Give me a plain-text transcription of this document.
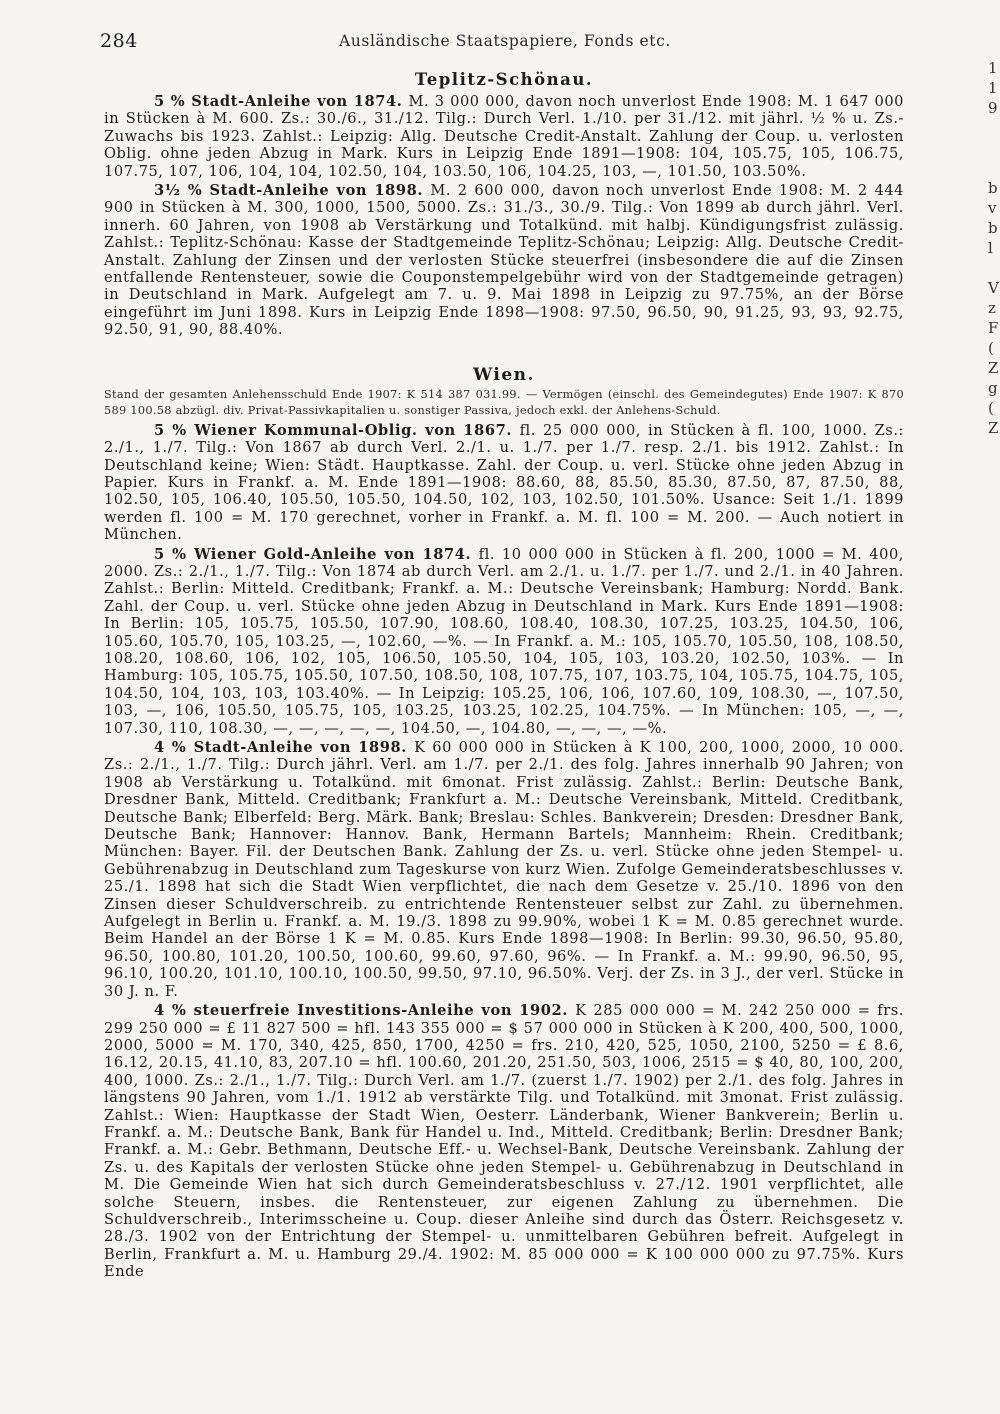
284	Ausländische Staatspapiere, Fonds etc.
1
1
9
b
v
b
l
V
z
F
(
Z
g
(
Z
Teplitz-Schönau.

5 % Stadt-Anleihe von 1874. M. 3 000 000, davon noch unverlost Ende 1908: M. 1 647 000 in Stücken à M. 600. Zs.: 30./6., 31./12. Tilg.: Durch Verl. 1./10. per 31./12. mit jährl. ½ % u. Zs.-Zuwachs bis 1923. Zahlst.: Leipzig: Allg. Deutsche Credit-Anstalt. Zahlung der Coup. u. verlosten Oblig. ohne jeden Abzug in Mark. Kurs in Leipzig Ende 1891—1908: 104, 105.75, 105, 106.75, 107.75, 107, 106, 104, 104, 102.50, 104, 103.50, 106, 104.25, 103, —, 101.50, 103.50%.

3½ % Stadt-Anleihe von 1898. M. 2 600 000, davon noch unverlost Ende 1908: M. 2 444 900 in Stücken à M. 300, 1000, 1500, 5000. Zs.: 31./3., 30./9. Tilg.: Von 1899 ab durch jährl. Verl. innerh. 60 Jahren, von 1908 ab Verstärkung und Totalkünd. mit halbj. Kündigungsfrist zulässig. Zahlst.: Teplitz-Schönau: Kasse der Stadtgemeinde Teplitz-Schönau; Leipzig: Allg. Deutsche Credit-Anstalt. Zahlung der Zinsen und der verlosten Stücke steuerfrei (insbesondere die auf die Zinsen entfallende Rentensteuer, sowie die Couponstempelgebühr wird von der Stadtgemeinde getragen) in Deutschland in Mark. Aufgelegt am 7. u. 9. Mai 1898 in Leipzig zu 97.75%, an der Börse eingeführt im Juni 1898. Kurs in Leipzig Ende 1898—1908: 97.50, 96.50, 90, 91.25, 93, 93, 92.75, 92.50, 91, 90, 88.40%.

Wien.

Stand der gesamten Anlehensschuld Ende 1907: K 514 387 031.99. — Vermögen (einschl. des Gemeindegutes) Ende 1907: K 870 589 100.58 abzügl. div. Privat-Passivkapitalien u. sonstiger Passiva, jedoch exkl. der Anlehens-Schuld.

5 % Wiener Kommunal-Oblig. von 1867. fl. 25 000 000, in Stücken à fl. 100, 1000. Zs.: 2./1., 1./7. Tilg.: Von 1867 ab durch Verl. 2./1. u. 1./7. per 1./7. resp. 2./1. bis 1912. Zahlst.: In Deutschland keine; Wien: Städt. Hauptkasse. Zahl. der Coup. u. verl. Stücke ohne jeden Abzug in Papier. Kurs in Frankf. a. M. Ende 1891—1908: 88.60, 88, 85.50, 85.30, 87.50, 87, 87.50, 88, 102.50, 105, 106.40, 105.50, 105.50, 104.50, 102, 103, 102.50, 101.50%. Usance: Seit 1./1. 1899 werden fl. 100 = M. 170 gerechnet, vorher in Frankf. a. M. fl. 100 = M. 200. — Auch notiert in München.

5 % Wiener Gold-Anleihe von 1874. fl. 10 000 000 in Stücken à fl. 200, 1000 = M. 400, 2000. Zs.: 2./1., 1./7. Tilg.: Von 1874 ab durch Verl. am 2./1. u. 1./7. per 1./7. und 2./1. in 40 Jahren. Zahlst.: Berlin: Mitteld. Creditbank; Frankf. a. M.: Deutsche Vereinsbank; Hamburg: Nordd. Bank. Zahl. der Coup. u. verl. Stücke ohne jeden Abzug in Deutschland in Mark. Kurs Ende 1891—1908: In Berlin: 105, 105.75, 105.50, 107.90, 108.60, 108.40, 108.30, 107.25, 103.25, 104.50, 106, 105.60, 105.70, 105, 103.25, —, 102.60, —%. — In Frankf. a. M.: 105, 105.70, 105.50, 108, 108.50, 108.20, 108.60, 106, 102, 105, 106.50, 105.50, 104, 105, 103, 103.20, 102.50, 103%. — In Hamburg: 105, 105.75, 105.50, 107.50, 108.50, 108, 107.75, 107, 103.75, 104, 105.75, 104.75, 105, 104.50, 104, 103, 103, 103.40%. — In Leipzig: 105.25, 106, 106, 107.60, 109, 108.30, —, 107.50, 103, —, 106, 105.50, 105.75, 105, 103.25, 103.25, 102.25, 104.75%. — In München: 105, —, —, 107.30, 110, 108.30, —, —, —, —, —, 104.50, —, 104.80, —, —, —, —%.

4 % Stadt-Anleihe von 1898. K 60 000 000 in Stücken à K 100, 200, 1000, 2000, 10 000. Zs.: 2./1., 1./7. Tilg.: Durch jährl. Verl. am 1./7. per 2./1. des folg. Jahres innerhalb 90 Jahren; von 1908 ab Verstärkung u. Totalkünd. mit 6monat. Frist zulässig. Zahlst.: Berlin: Deutsche Bank, Dresdner Bank, Mitteld. Creditbank; Frankfurt a. M.: Deutsche Vereinsbank, Mitteld. Creditbank, Deutsche Bank; Elberfeld: Berg. Märk. Bank; Breslau: Schles. Bankverein; Dresden: Dresdner Bank, Deutsche Bank; Hannover: Hannov. Bank, Hermann Bartels; Mannheim: Rhein. Creditbank; München: Bayer. Fil. der Deutschen Bank. Zahlung der Zs. u. verl. Stücke ohne jeden Stempel- u. Gebührenabzug in Deutschland zum Tageskurse von kurz Wien. Zufolge Gemeinderatsbeschlusses v. 25./1. 1898 hat sich die Stadt Wien verpflichtet, die nach dem Gesetze v. 25./10. 1896 von den Zinsen dieser Schuldverschreib. zu entrichtende Rentensteuer selbst zur Zahl. zu übernehmen. Aufgelegt in Berlin u. Frankf. a. M. 19./3. 1898 zu 99.90%, wobei 1 K = M. 0.85 gerechnet wurde. Beim Handel an der Börse 1 K = M. 0.85. Kurs Ende 1898—1908: In Berlin: 99.30, 96.50, 95.80, 96.50, 100.80, 101.20, 100.50, 100.60, 99.60, 97.60, 96%. — In Frankf. a. M.: 99.90, 96.50, 95, 96.10, 100.20, 101.10, 100.10, 100.50, 99.50, 97.10, 96.50%. Verj. der Zs. in 3 J., der verl. Stücke in 30 J. n. F.

4 % steuerfreie Investitions-Anleihe von 1902. K 285 000 000 = M. 242 250 000 = frs. 299 250 000 = £ 11 827 500 = hfl. 143 355 000 = $ 57 000 000 in Stücken à K 200, 400, 500, 1000, 2000, 5000 = M. 170, 340, 425, 850, 1700, 4250 = frs. 210, 420, 525, 1050, 2100, 5250 = £ 8.6, 16.12, 20.15, 41.10, 83, 207.10 = hfl. 100.60, 201.20, 251.50, 503, 1006, 2515 = $ 40, 80, 100, 200, 400, 1000. Zs.: 2./1., 1./7. Tilg.: Durch Verl. am 1./7. (zuerst 1./7. 1902) per 2./1. des folg. Jahres in längstens 90 Jahren, vom 1./1. 1912 ab verstärkte Tilg. und Totalkünd. mit 3monat. Frist zulässig. Zahlst.: Wien: Hauptkasse der Stadt Wien, Oesterr. Länderbank, Wiener Bankverein; Berlin u. Frankf. a. M.: Deutsche Bank, Bank für Handel u. Ind., Mitteld. Creditbank; Berlin: Dresdner Bank; Frankf. a. M.: Gebr. Bethmann, Deutsche Eff.- u. Wechsel-Bank, Deutsche Vereinsbank. Zahlung der Zs. u. des Kapitals der verlosten Stücke ohne jeden Stempel- u. Gebührenabzug in Deutschland in M. Die Gemeinde Wien hat sich durch Gemeinderatsbeschluss v. 27./12. 1901 verpflichtet, alle solche Steuern, insbes. die Rentensteuer, zur eigenen Zahlung zu übernehmen. Die Schuldverschreib., Interimsscheine u. Coup. dieser Anleihe sind durch das Österr. Reichsgesetz v. 28./3. 1902 von der Entrichtung der Stempel- u. unmittelbaren Gebühren befreit. Aufgelegt in Berlin, Frankfurt a. M. u. Hamburg 29./4. 1902: M. 85 000 000 = K 100 000 000 zu 97.75%. Kurs Ende
